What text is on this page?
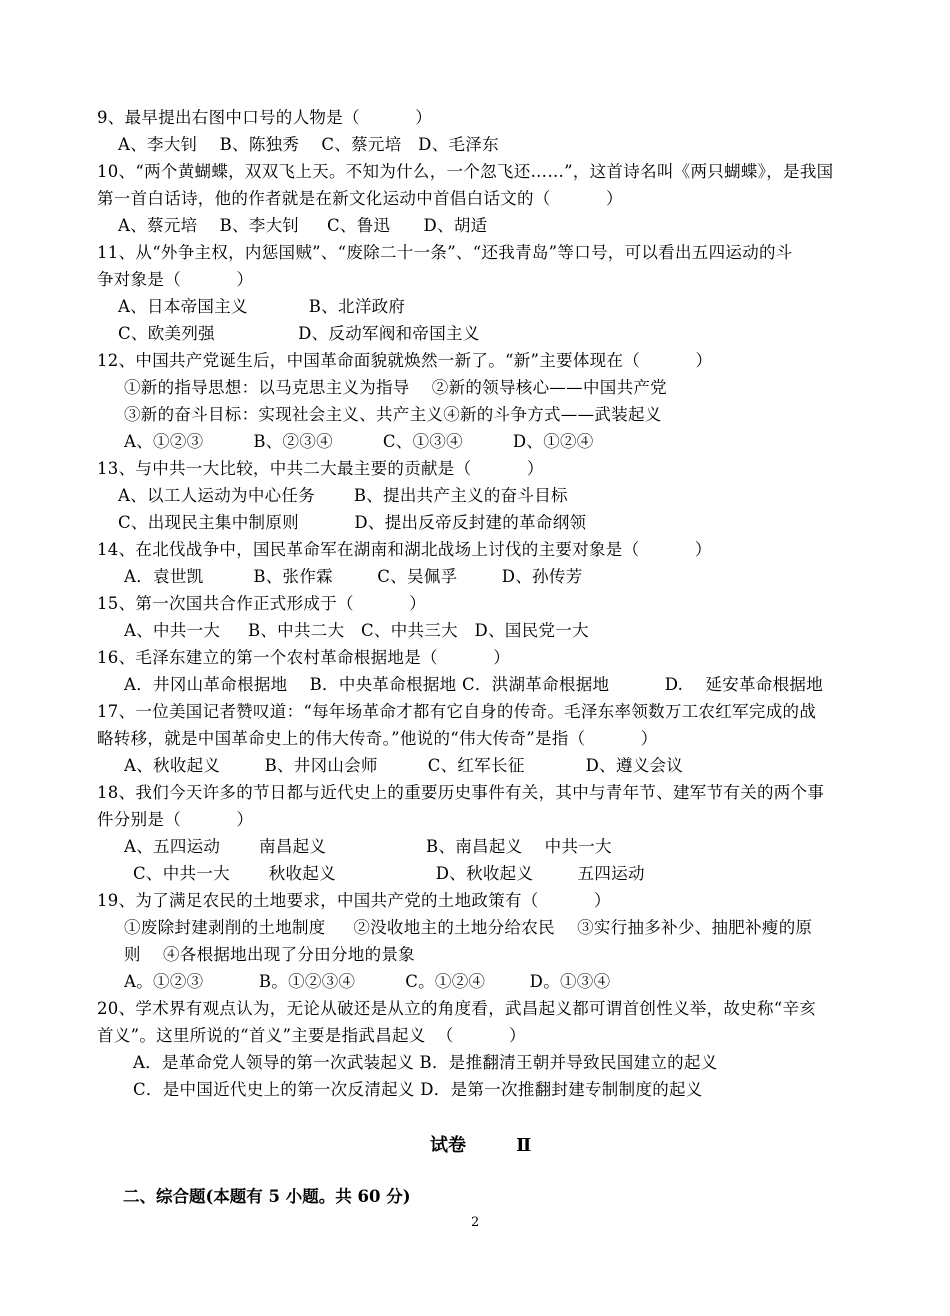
9、最早提出右图中口号的人物是（          ）
A、李大钊    B、陈独秀    C、蔡元培   D、毛泽东
10、“两个黄蝴蝶，双双飞上天。不知为什么，一个忽飞还……”，这首诗名叫《两只蝴蝶》，是我国
第一首白话诗，他的作者就是在新文化运动中首倡白话文的（          ）
A、蔡元培    B、李大钊     C、鲁迅      D、胡适
11、从“外争主权，内惩国贼”、“废除二十一条”、“还我青岛”等口号，可以看出五四运动的斗
争对象是（          ）
A、日本帝国主义           B、北洋政府
C、欧美列强               D、反动军阀和帝国主义
12、中国共产党诞生后，中国革命面貌就焕然一新了。“新”主要体现在（          ）
①新的指导思想：以马克思主义为指导    ②新的领导核心——中国共产党
③新的奋斗目标：实现社会主义、共产主义④新的斗争方式——武装起义
A、①②③         B、②③④         C、①③④         D、①②④
13、与中共一大比较，中共二大最主要的贡献是（          ）
A、以工人运动为中心任务       B、提出共产主义的奋斗目标
C、出现民主集中制原则          D、提出反帝反封建的革命纲领
14、在北伐战争中，国民革命军在湖南和湖北战场上讨伐的主要对象是（          ）
A．袁世凯         B、张作霖        C、吴佩孚        D、孙传芳
15、第一次国共合作正式形成于（          ）
A、中共一大     B、中共二大   C、中共三大   D、国民党一大
16、毛泽东建立的第一个农村革命根据地是（          ）
A．井冈山革命根据地    B．中央革命根据地 C．洪湖革命根据地          D.    延安革命根据地
17、一位美国记者赞叹道：“每年场革命才都有它自身的传奇。毛泽东率领数万工农红军完成的战
略转移，就是中国革命史上的伟大传奇。”他说的“伟大传奇”是指（          ）
A、秋收起义        B、井冈山会师         C、红军长征           D、遵义会议
18、我们今天许多的节日都与近代史上的重要历史事件有关，其中与青年节、建军节有关的两个事
件分别是（          ）
A、五四运动       南昌起义                  B、南昌起义    中共一大
C、中共一大       秋收起义                  D、秋收起义        五四运动
19、为了满足农民的土地要求，中国共产党的土地政策有（          ）
①废除封建剥削的土地制度     ②没收地主的土地分给农民    ③实行抽多补少、抽肥补瘦的原
则    ④各根据地出现了分田分地的景象
A。①②③          B。①②③④         C。①②④        D。①③④
20、学术界有观点认为，无论从破还是从立的角度看，武昌起义都可谓首创性义举，故史称“辛亥
首义”。这里所说的“首义”主要是指武昌起义  （          ）
A．是革命党人领导的第一次武装起义 B．是推翻清王朝并导致民国建立的起义
C．是中国近代史上的第一次反清起义 D．是第一次推翻封建专制制度的起义
试卷        Ⅱ
二、综合题(本题有 5 小题。共 60 分)
2
